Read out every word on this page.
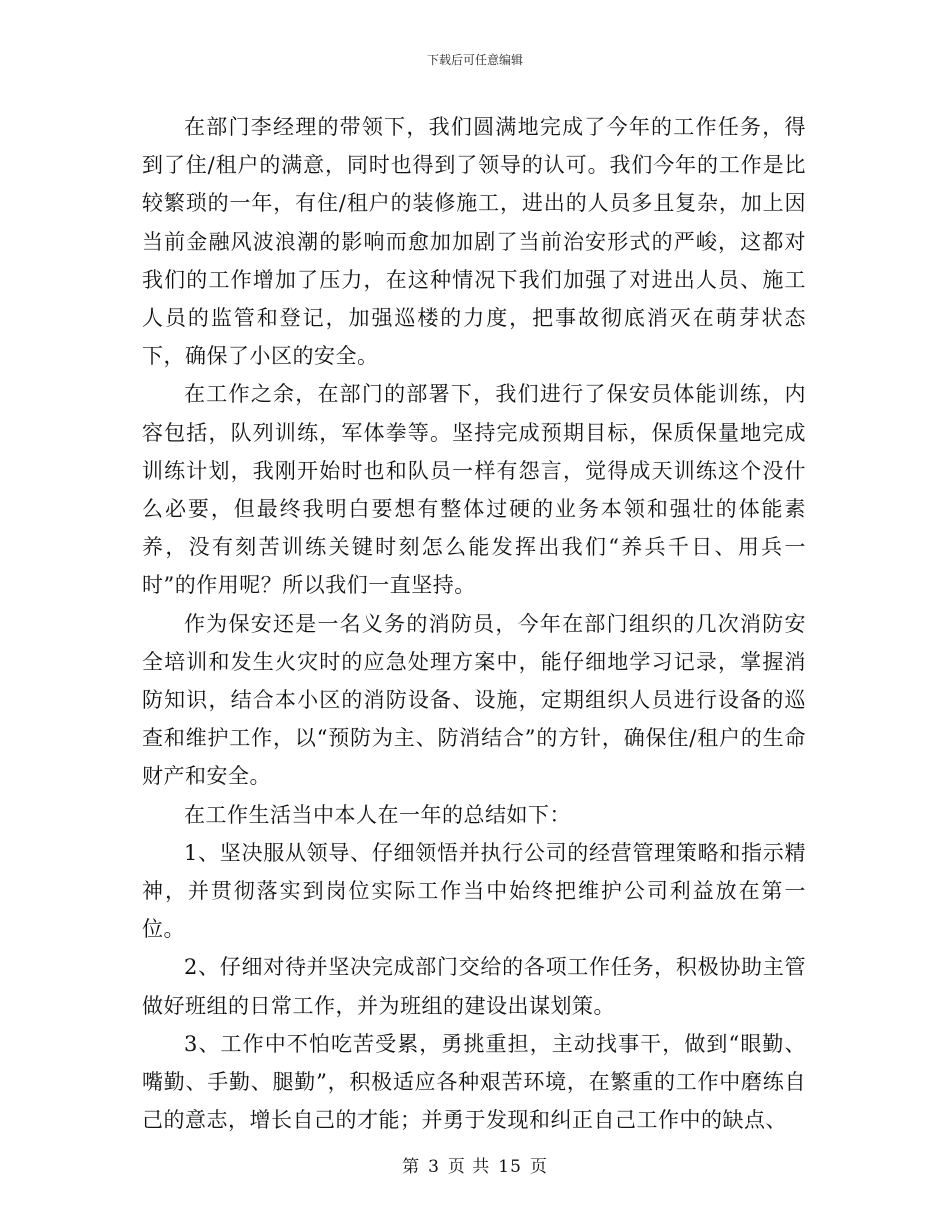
下载后可任意编辑

在部门李经理的带领下，我们圆满地完成了今年的工作任务，得到了住/租户的满意，同时也得到了领导的认可。我们今年的工作是比较繁琐的一年，有住/租户的装修施工，进出的人员多且复杂，加上因当前金融风波浪潮的影响而愈加加剧了当前治安形式的严峻，这都对我们的工作增加了压力，在这种情况下我们加强了对进出人员、施工人员的监管和登记，加强巡楼的力度，把事故彻底消灭在萌芽状态下，确保了小区的安全。

在工作之余，在部门的部署下，我们进行了保安员体能训练，内容包括，队列训练，军体拳等。坚持完成预期目标，保质保量地完成训练计划，我刚开始时也和队员一样有怨言，觉得成天训练这个没什么必要，但最终我明白要想有整体过硬的业务本领和强壮的体能素养，没有刻苦训练关键时刻怎么能发挥出我们“养兵千日、用兵一时”的作用呢？所以我们一直坚持。

作为保安还是一名义务的消防员，今年在部门组织的几次消防安全培训和发生火灾时的应急处理方案中，能仔细地学习记录，掌握消防知识，结合本小区的消防设备、设施，定期组织人员进行设备的巡查和维护工作，以“预防为主、防消结合”的方针，确保住/租户的生命财产和安全。

在工作生活当中本人在一年的总结如下：

1、坚决服从领导、仔细领悟并执行公司的经营管理策略和指示精神，并贯彻落实到岗位实际工作当中始终把维护公司利益放在第一位。

2、仔细对待并坚决完成部门交给的各项工作任务，积极协助主管做好班组的日常工作，并为班组的建设出谋划策。

3、工作中不怕吃苦受累，勇挑重担，主动找事干，做到“眼勤、嘴勤、手勤、腿勤”，积极适应各种艰苦环境，在繁重的工作中磨练自己的意志，增长自己的才能；并勇于发现和纠正自己工作中的缺点、

第 3 页 共 15 页
